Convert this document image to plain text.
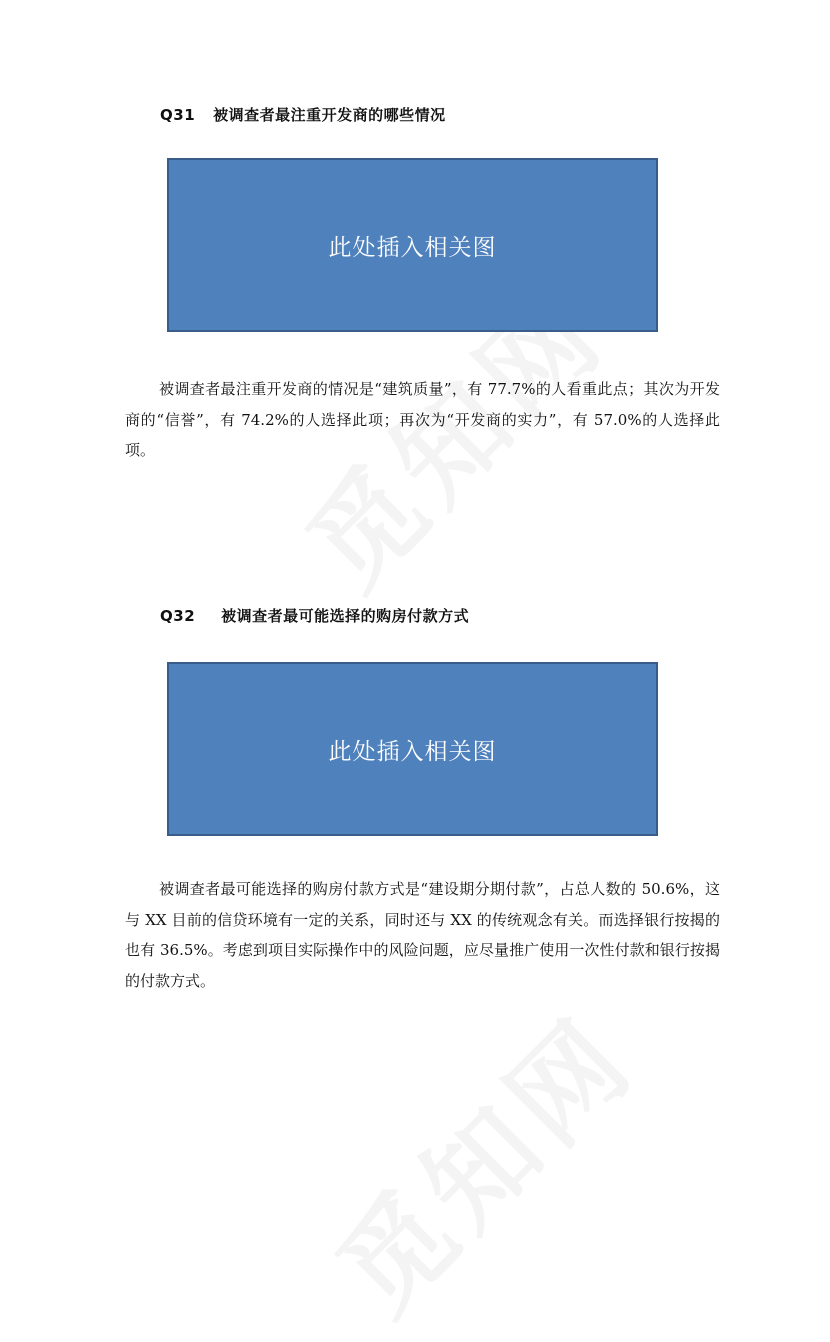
Q31 被调查者最注重开发商的哪些情况
此处插入相关图
被调查者最注重开发商的情况是“建筑质量”，有 77.7%的人看重此点；其次为开发商的“信誉”，有 74.2%的人选择此项；再次为“开发商的实力”，有 57.0%的人选择此项。
Q32 被调查者最可能选择的购房付款方式
此处插入相关图
被调查者最可能选择的购房付款方式是“建设期分期付款”，占总人数的 50.6%，这与 XX 目前的信贷环境有一定的关系，同时还与 XX 的传统观念有关。而选择银行按揭的也有 36.5%。考虑到项目实际操作中的风险问题，应尽量推广使用一次性付款和银行按揭的付款方式。
